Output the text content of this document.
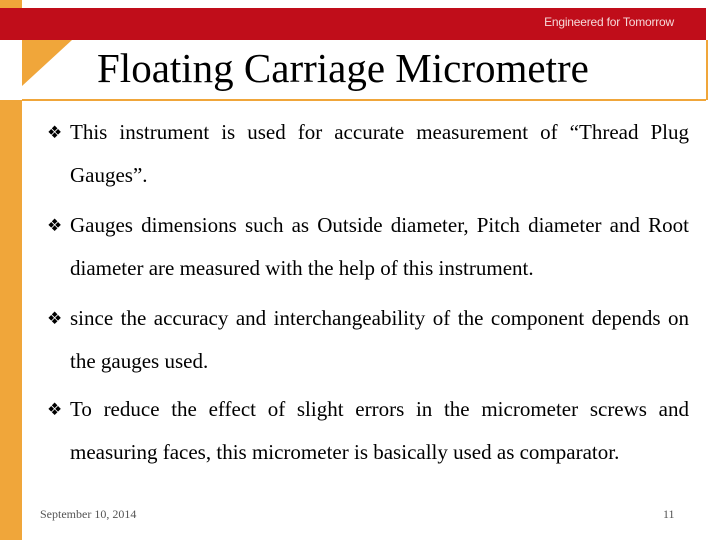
Engineered for Tomorrow
Floating Carriage Micrometre
❖ This instrument is used for accurate measurement of “Thread Plug Gauges”.
❖ Gauges dimensions such as Outside diameter, Pitch diameter and Root diameter are measured with the help of this instrument.
❖ since the accuracy and interchangeability of the component depends on the gauges used.
❖ To reduce the effect of slight errors in the micrometer screws and measuring faces, this micrometer is basically used as comparator.
September 10, 2014	11
